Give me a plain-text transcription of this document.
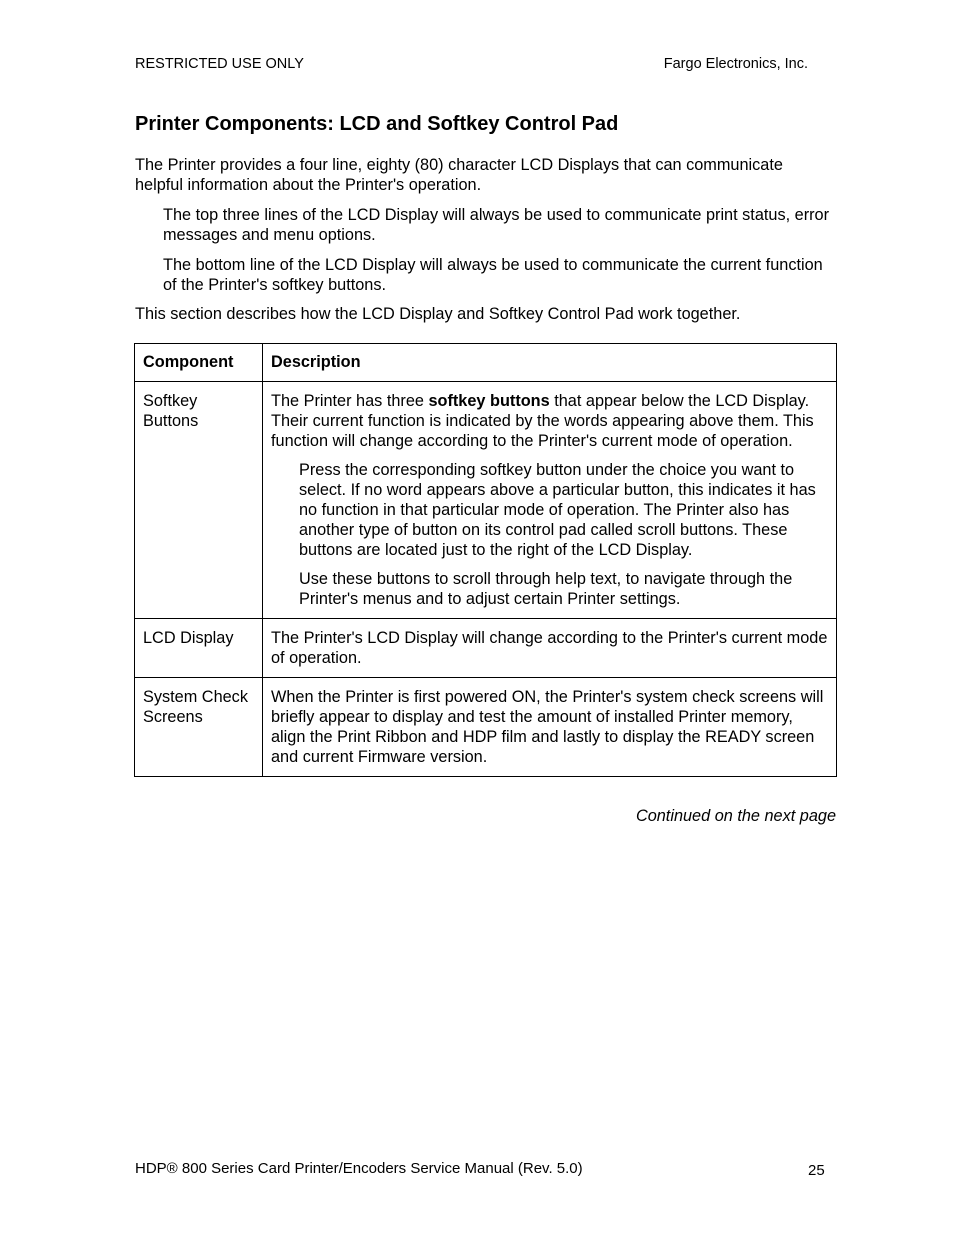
RESTRICTED USE ONLY	Fargo Electronics, Inc.
Printer Components: LCD and Softkey Control Pad
The Printer provides a four line, eighty (80) character LCD Displays that can communicate helpful information about the Printer's operation.
The top three lines of the LCD Display will always be used to communicate print status, error messages and menu options.
The bottom line of the LCD Display will always be used to communicate the current function of the Printer's softkey buttons.
This section describes how the LCD Display and Softkey Control Pad work together.
Component	Description
Softkey Buttons	The Printer has three softkey buttons that appear below the LCD Display. Their current function is indicated by the words appearing above them. This function will change according to the Printer's current mode of operation.
Press the corresponding softkey button under the choice you want to select. If no word appears above a particular button, this indicates it has no function in that particular mode of operation. The Printer also has another type of button on its control pad called scroll buttons. These buttons are located just to the right of the LCD Display.
Use these buttons to scroll through help text, to navigate through the Printer's menus and to adjust certain Printer settings.

LCD Display	The Printer's LCD Display will change according to the Printer's current mode of operation.
System Check Screens	When the Printer is first powered ON, the Printer's system check screens will briefly appear to display and test the amount of installed Printer memory, align the Print Ribbon and HDP film and lastly to display the READY screen and current Firmware version.
Continued on the next page
HDP® 800 Series Card Printer/Encoders Service Manual (Rev. 5.0)	25
